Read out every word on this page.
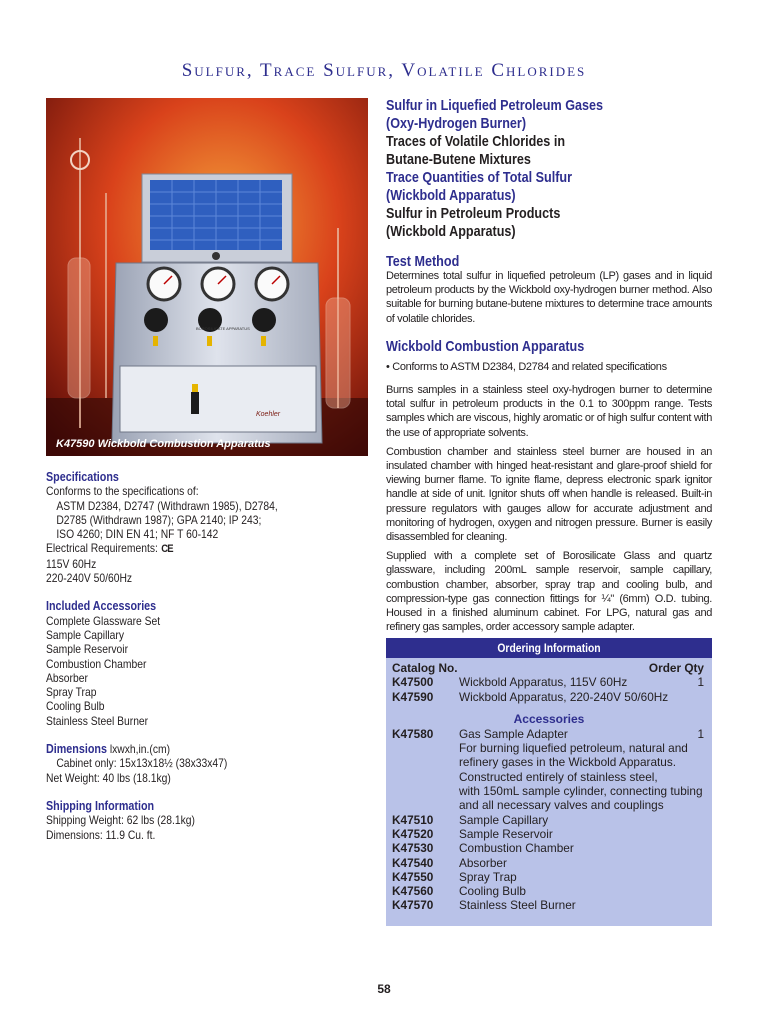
Sulfur, Trace Sulfur, Volatile Chlorides
BOROSILICATE APPARATUS
Koehler
K47590 Wickbold Combustion Apparatus
Specifications
Conforms to the specifications of:
ASTM D2384, D2747 (Withdrawn 1985), D2784,
D2785 (Withdrawn 1987); GPA 2140; IP 243;
ISO 4260; DIN EN 41; NF T 60-142
Electrical Requirements: CE
115V 60Hz
220-240V 50/60Hz
Included Accessories
Complete Glassware Set
Sample Capillary
Sample Reservoir
Combustion Chamber
Absorber
Spray Trap
Cooling Bulb
Stainless Steel Burner
Dimensions lxwxh,in.(cm)
Cabinet only: 15x13x18½ (38x33x47)
Net Weight: 40 lbs (18.1kg)
Shipping Information
Shipping Weight: 62 lbs (28.1kg)
Dimensions: 11.9 Cu. ft.
Sulfur in Liquefied Petroleum Gases
(Oxy-Hydrogen Burner)
Traces of Volatile Chlorides in
Butane-Butene Mixtures
Trace Quantities of Total Sulfur
(Wickbold Apparatus)
Sulfur in Petroleum Products
(Wickbold Apparatus)
Test Method

Determines total sulfur in liquefied petroleum (LP) gases and in liquid petroleum products by the Wickbold oxy-hydrogen burner method. Also suitable for burning butane-butene mixtures to determine trace amounts of volatile chlorides.

Wickbold Combustion Apparatus

• Conforms to ASTM D2384, D2784 and related specifications

Burns samples in a stainless steel oxy-hydrogen burner to determine total sulfur in petroleum products in the 0.1 to 300ppm range. Tests samples which are viscous, highly aromatic or of high sulfur content with the use of appropriate solvents.

Combustion chamber and stainless steel burner are housed in an insulated chamber with hinged heat-resistant and glare-proof shield for viewing burner flame. To ignite flame, depress electronic spark ignitor handle at side of unit. Ignitor shuts off when handle is released. Built-in pressure regulators with gauges allow for accurate adjustment and monitoring of hydrogen, oxygen and nitrogen pressure. Burner is easily disassembled for cleaning.

Supplied with a complete set of Borosilicate Glass and quartz glassware, including 200mL sample reservoir, sample capillary, combustion chamber, absorber, spray trap and cooling bulb, and compression-type gas connection fittings for ¼" (6mm) O.D. tubing. Housed in a finished aluminum cabinet. For LPG, natural gas and refinery gas samples, order accessory sample adapter.

Ordering Information
Catalog No.	Order Qty
K47500 Wickbold Apparatus, 115V 60Hz	1
K47590 Wickbold Apparatus, 220-240V 50/60Hz
Accessories
K47580 Gas Sample Adapter	1
For burning liquefied petroleum, natural and
refinery gases in the Wickbold Apparatus.
Constructed entirely of stainless steel,
with 150mL sample cylinder, connecting tubing
and all necessary valves and couplings
K47510 Sample Capillary
K47520 Sample Reservoir
K47530 Combustion Chamber
K47540 Absorber
K47550 Spray Trap
K47560 Cooling Bulb
K47570 Stainless Steel Burner
58
